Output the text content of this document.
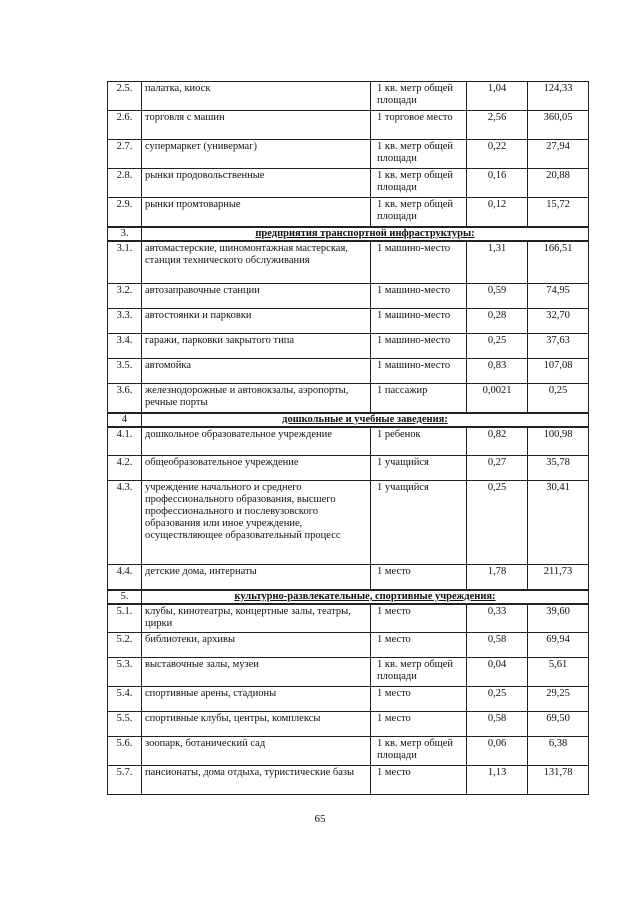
2.5.	палатка, киоск	1 кв. метр общей площади	1,04	124,33
2.6.	торговля с машин	1 торговое место	2,56	360,05
2.7.	супермаркет (универмаг)	1 кв. метр общей площади	0,22	27,94
2.8.	рынки продовольственные	1 кв. метр общей площади	0,16	20,88
2.9.	рынки промтоварные	1 кв. метр общей площади	0,12	15,72
3.	предприятия транспортной инфраструктуры:			
3.1.	автомастерские, шиномонтажная мастерская, станция технического обслуживания	1 машино-место	1,31	166,51
3.2.	автозаправочные станции	1 машино-место	0,59	74,95
3.3.	автостоянки и парковки	1 машино-место	0,28	32,70
3.4.	гаражи, парковки закрытого типа	1 машино-место	0,25	37,63
3.5.	автомойка	1 машино-место	0,83	107,08
3.6.	железнодорожные и автовокзалы, аэропорты, речные порты	1 пассажир	0,0021	0,25
4	дошкольные и учебные заведения:			
4.1.	дошкольное образовательное учреждение	1 ребенок	0,82	100,98
4.2.	общеобразовательное учреждение	1 учащийся	0,27	35,78
4.3.	учреждение начального и среднего профессионального образования, высшего профессионального и послевузовского образования или иное учреждение, осуществляющее образовательный процесс	1 учащийся	0,25	30,41
4.4.	детские дома, интернаты	1 место	1,78	211,73
5.	культурно-развлекательные, спортивные учреждения:			
5.1.	клубы, кинотеатры, концертные залы, театры, цирки	1 место	0,33	39,60
5.2.	библиотеки, архивы	1 место	0,58	69,94
5.3.	выставочные залы, музеи	1 кв. метр общей площади	0,04	5,61
5.4.	спортивные арены, стадионы	1 место	0,25	29,25
5.5.	спортивные клубы, центры, комплексы	1 место	0,58	69,50
5.6.	зоопарк, ботанический сад	1 кв. метр общей площади	0,06	6,38
5.7.	пансионаты, дома отдыха, туристические базы	1 место	1,13	131,78
65
